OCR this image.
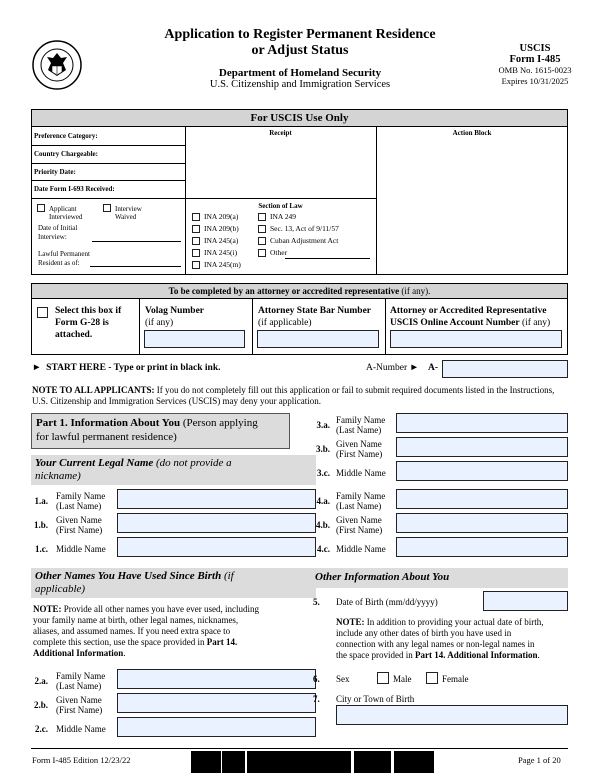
Application to Register Permanent Residence
or Adjust Status
Department of Homeland Security
U.S. Citizenship and Immigration Services
USCIS
Form I-485
OMB No. 1615-0023
Expires 10/31/2025
For USCIS Use Only
Receipt	Action Block
Preference Category:
Country Chargeable:
Priority Date:
Date Form I-693 Received:
Applicant Interviewed
Interview Waived
Date of Initial Interview:
Lawful Permanent
Resident as of:
Section of Law
INA 209(a)
INA 209(b)
INA 245(a)
INA 245(i)
INA 245(m)
INA 249
Sec. 13, Act of 9/11/57
Cuban Adjustment Act
Other
To be completed by an attorney or accredited representative (if any).
Select this box if
Form G-28 is
attached.
Volag Number
(if any)
Attorney State Bar Number
(if applicable)
Attorney or Accredited Representative
USCIS Online Account Number (if any)
► START HERE - Type or print in black ink.	A-Number ► A-
NOTE TO ALL APPLICANTS: If you do not completely fill out this application or fail to submit required documents listed in the Instructions, U.S. Citizenship and Immigration Services (USCIS) may deny your application.
Part 1. Information About You (Person applying
for lawful permanent residence)
Your Current Legal Name (do not provide a
nickname)
1.a. Family Name
(Last Name)
1.b. Given Name
(First Name)
1.c. Middle Name
Other Names You Have Used Since Birth (if
applicable)
NOTE: Provide all other names you have ever used, including
your family name at birth, other legal names, nicknames,
aliases, and assumed names. If you need extra space to
complete this section, use the space provided in Part 14.
Additional Information.
2.a. Family Name
(Last Name)
2.b. Given Name
(First Name)
2.c. Middle Name
3.a. Family Name
(Last Name)
3.b. Given Name
(First Name)
3.c. Middle Name
4.a. Family Name
(Last Name)
4.b. Given Name
(First Name)
4.c. Middle Name
Other Information About You
5. Date of Birth (mm/dd/yyyy)
NOTE: In addition to providing your actual date of birth,
include any other dates of birth you have used in
connection with any legal names or non-legal names in
the space provided in Part 14. Additional Information.
6. Sex	Male	Female
7. City or Town of Birth
Form I-485 Edition 12/23/22	Page 1 of 20
